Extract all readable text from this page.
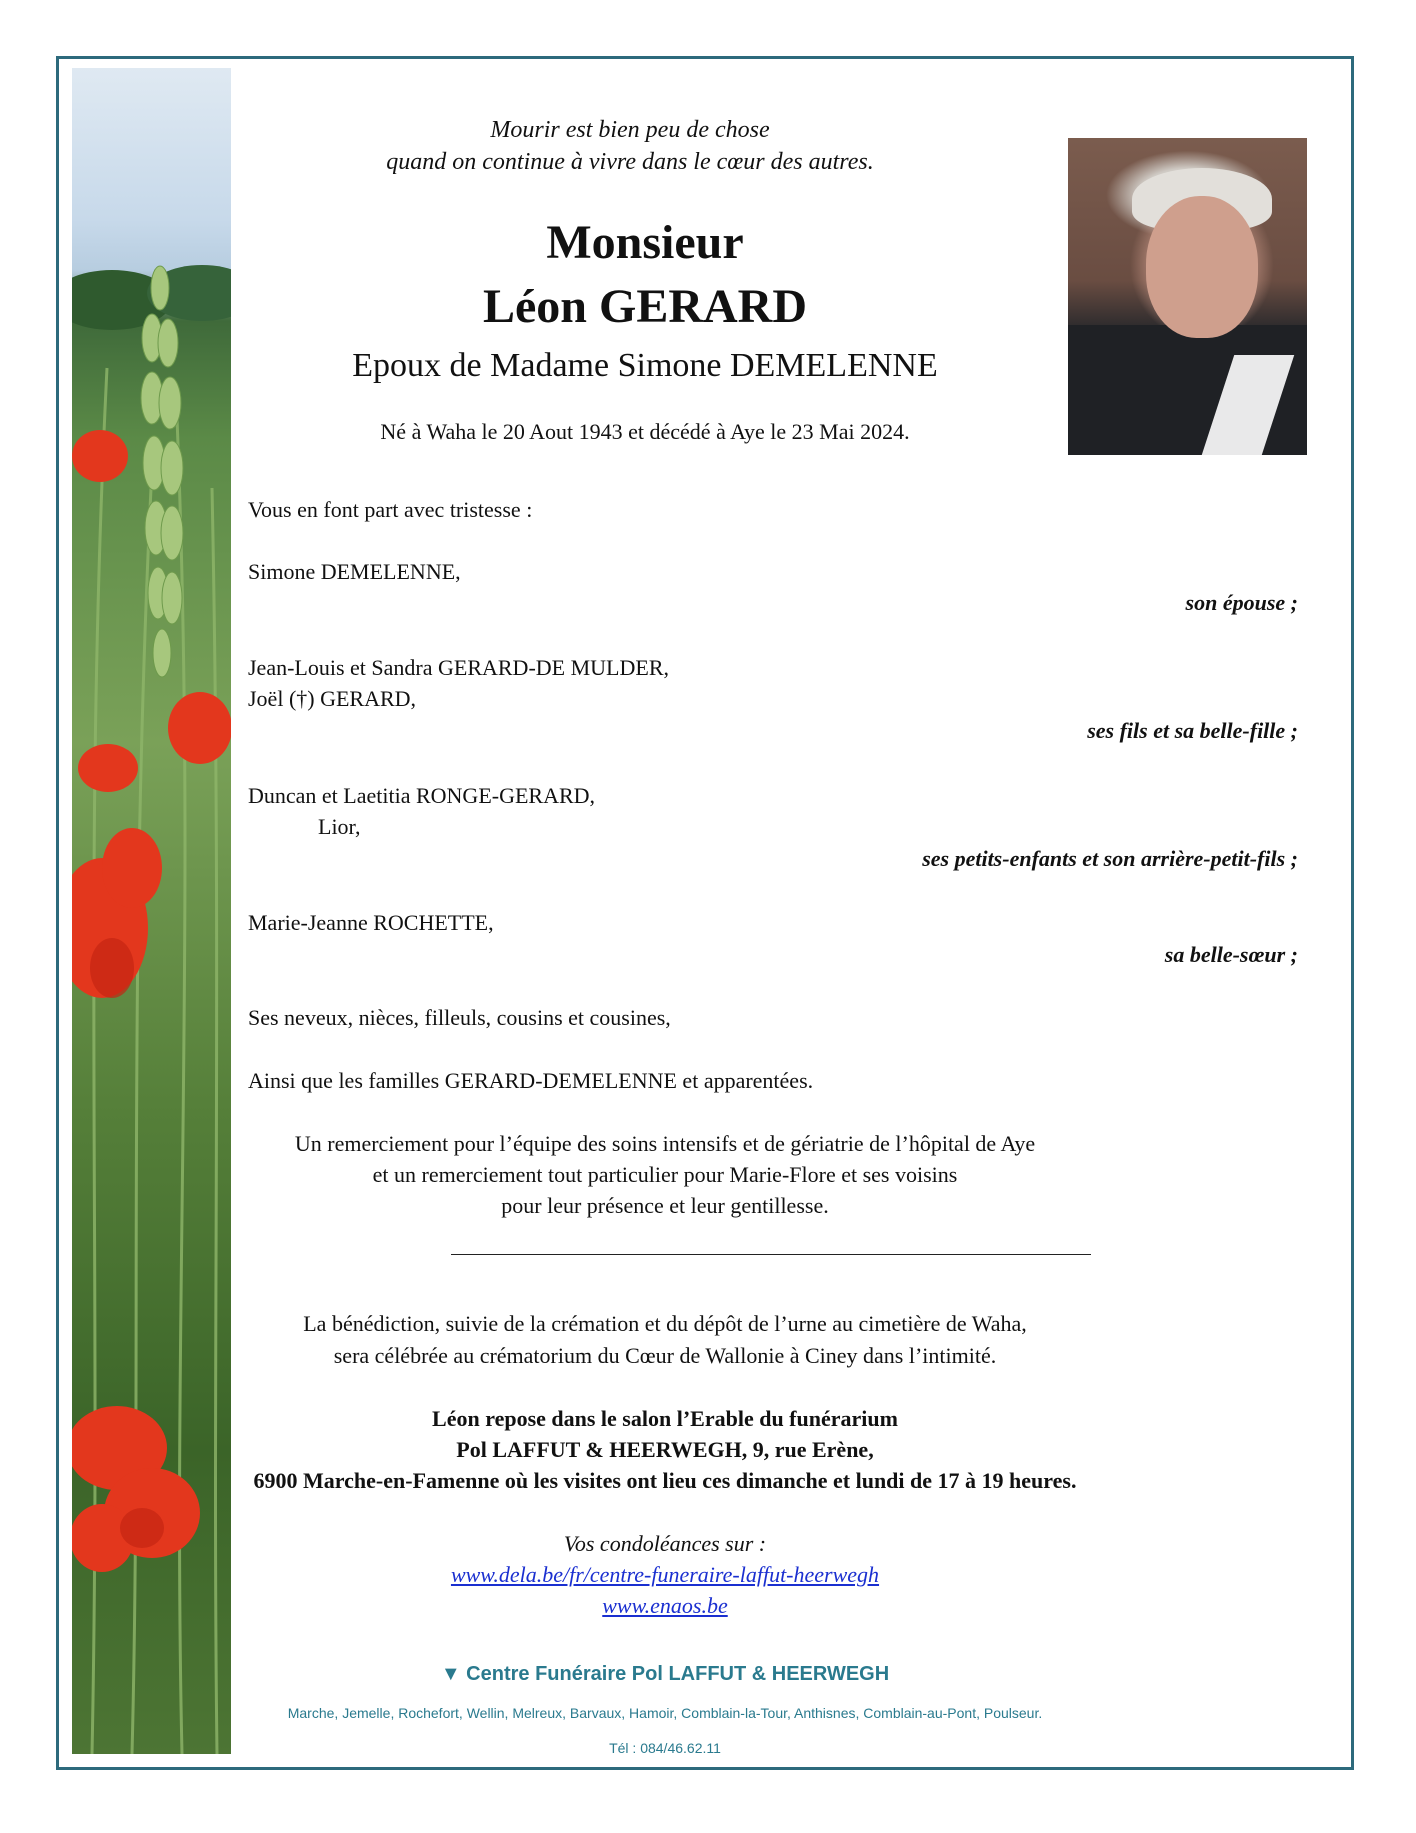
Mourir est bien peu de chose
quand on continue à vivre dans le cœur des autres.
Monsieur
Léon GERARD
Epoux de Madame Simone DEMELENNE
Né à Waha le 20 Aout 1943 et décédé à Aye le 23 Mai 2024.
Vous en font part avec tristesse :
Simone DEMELENNE,
son épouse ;
Jean-Louis et Sandra GERARD-DE MULDER,
Joël (†) GERARD,
ses fils et sa belle-fille ;
Duncan et Laetitia RONGE-GERARD,
Lior,
ses petits-enfants et son arrière-petit-fils ;
Marie-Jeanne ROCHETTE,
sa belle-sœur ;
Ses neveux, nièces, filleuls, cousins et cousines,
Ainsi que les familles GERARD-DEMELENNE et apparentées.
Un remerciement pour l’équipe des soins intensifs et de gériatrie de l’hôpital de Aye
et un remerciement tout particulier pour Marie-Flore et ses voisins
pour leur présence et leur gentillesse.
La bénédiction, suivie de la crémation et du dépôt de l’urne au cimetière de Waha,
sera célébrée au crématorium du Cœur de Wallonie à Ciney dans l’intimité.
Léon repose dans le salon l’Erable du funérarium
Pol LAFFUT & HEERWEGH, 9, rue Erène,
6900 Marche-en-Famenne où les visites ont lieu ces dimanche et lundi de 17 à 19 heures.
Vos condoléances sur :
www.dela.be/fr/centre-funeraire-laffut-heerwegh
www.enaos.be
▼ Centre Funéraire Pol LAFFUT & HEERWEGH
Marche, Jemelle, Rochefort, Wellin, Melreux, Barvaux, Hamoir, Comblain-la-Tour, Anthisnes, Comblain-au-Pont, Poulseur.
Tél : 084/46.62.11
